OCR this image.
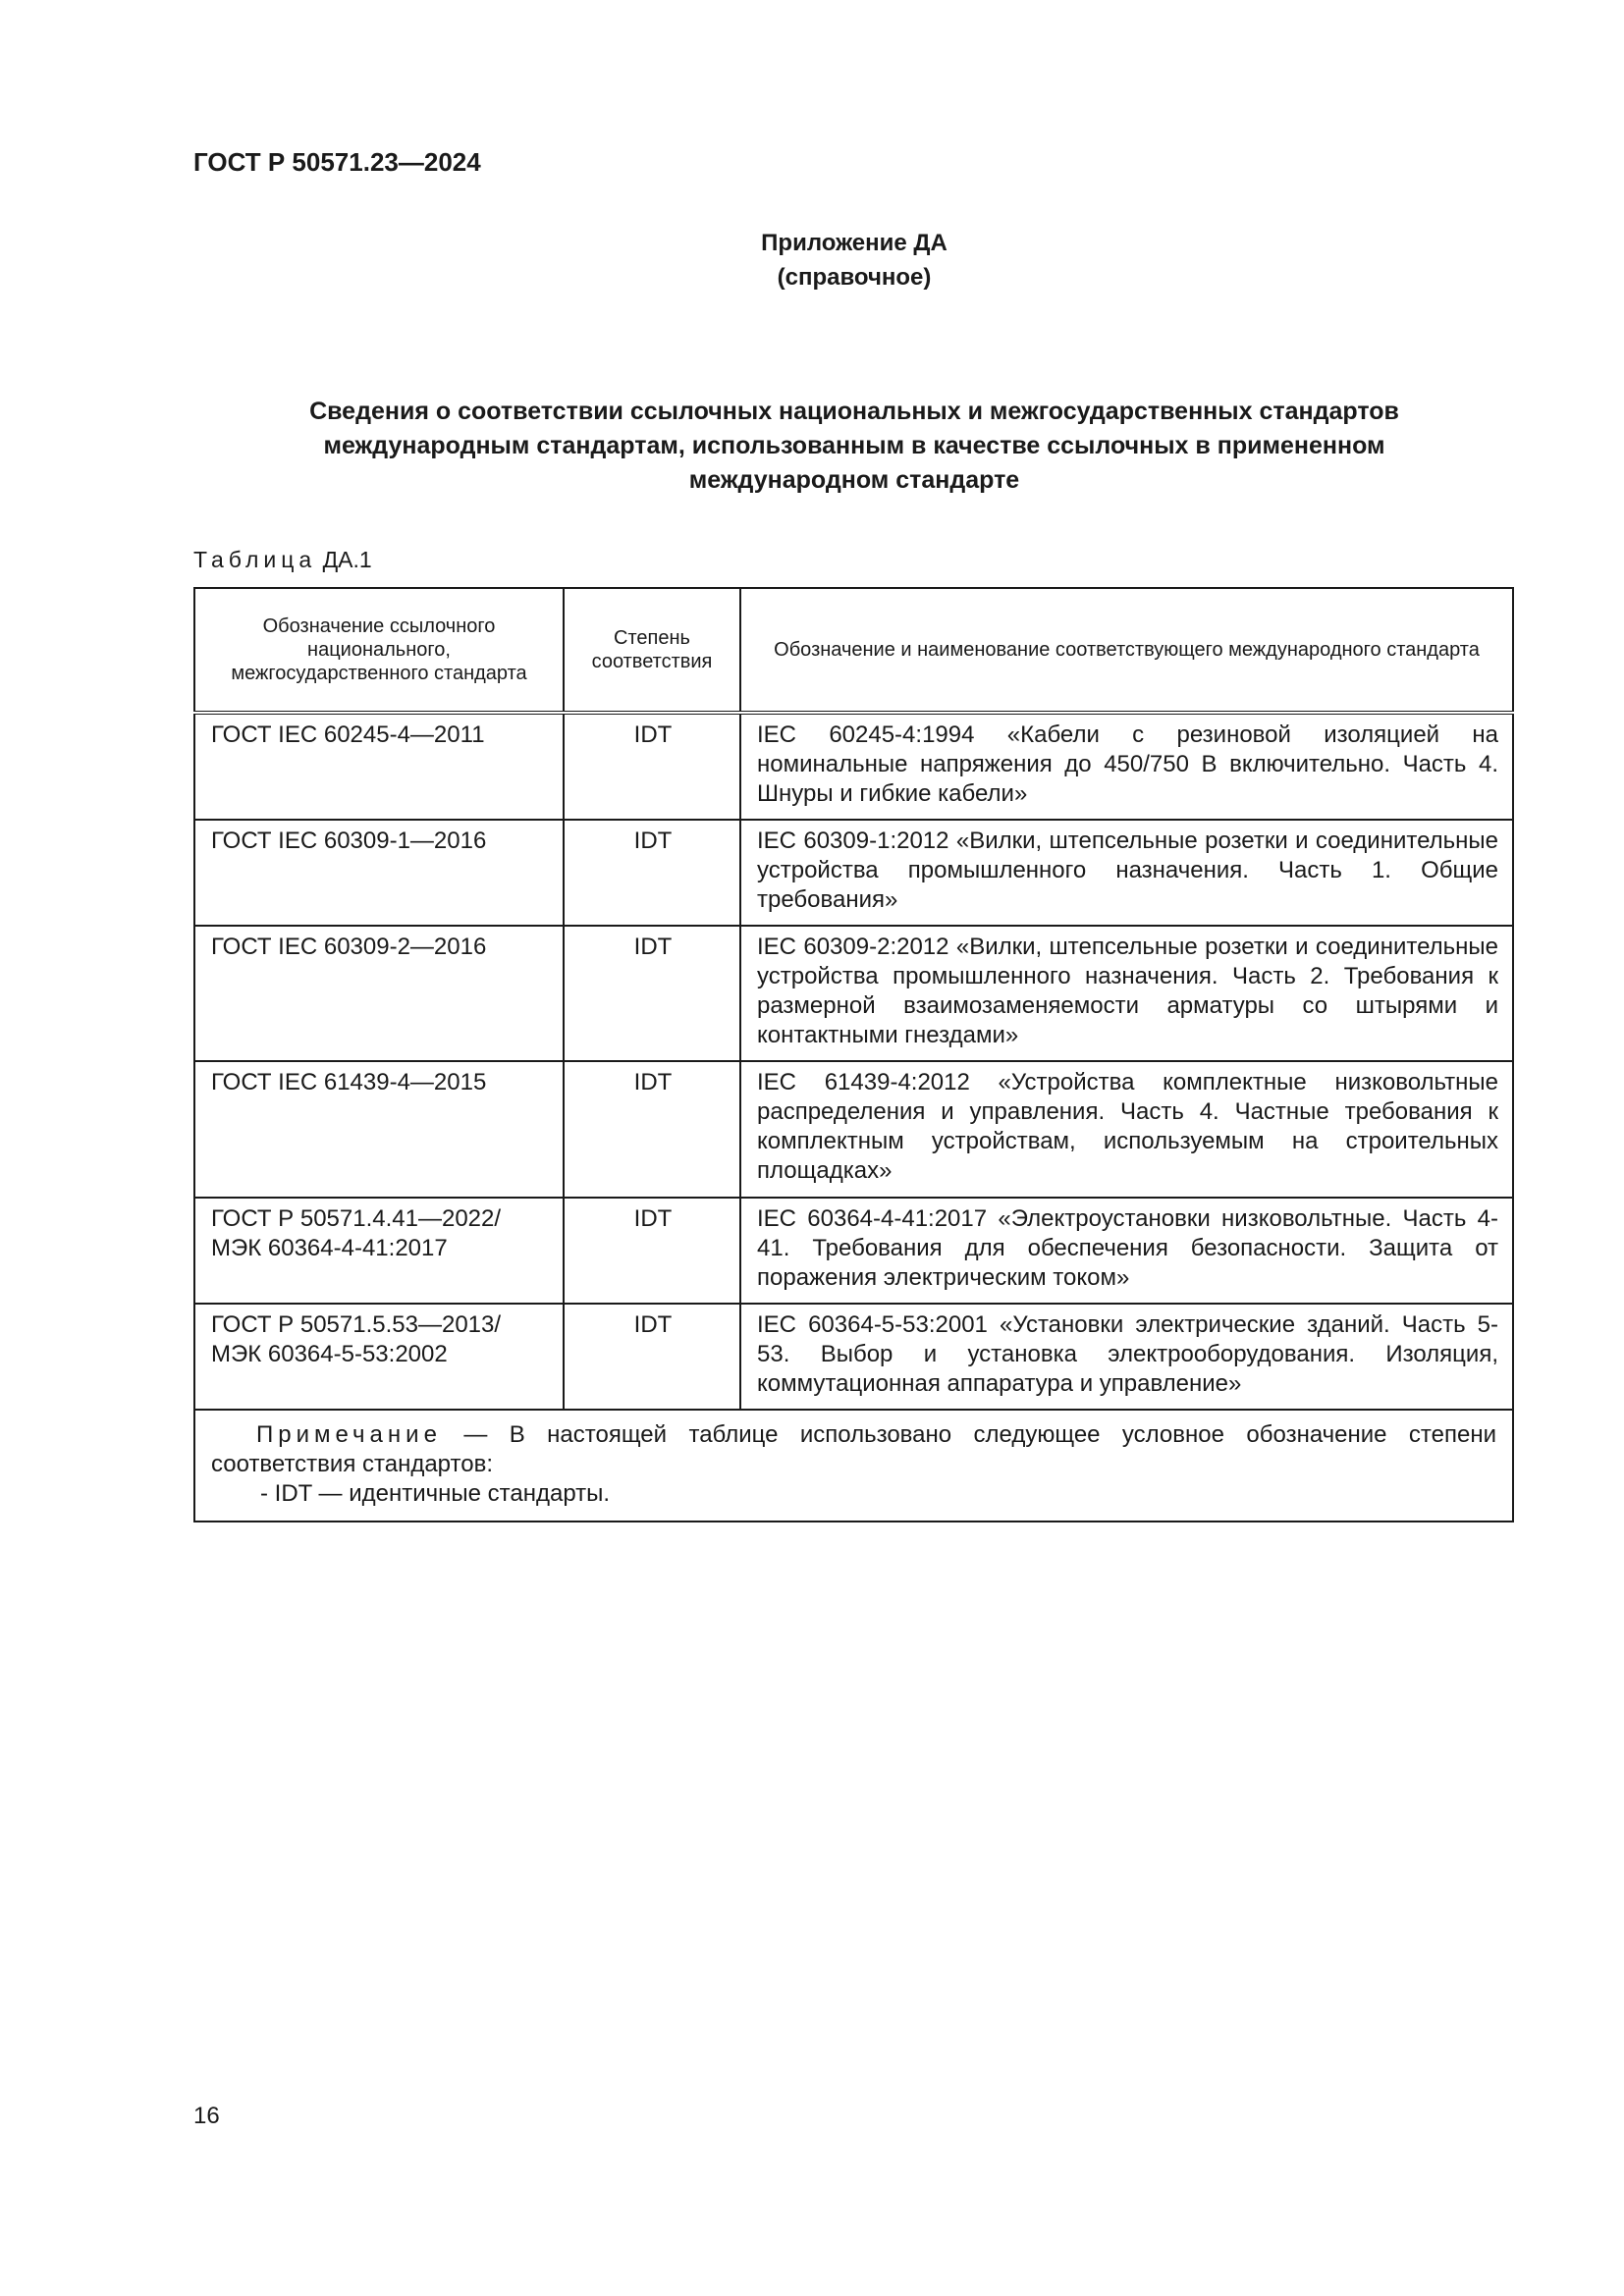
ГОСТ Р 50571.23—2024

Приложение ДА
(справочное)
Сведения о соответствии ссылочных национальных и межгосударственных стандартов
международным стандартам, использованным в качестве ссылочных в примененном
международном стандарте

Таблица ДА.1

Обозначение ссылочного национального, межгосударственного стандарта	Степень соответствия	Обозначение и наименование соответствующего международного стандарта
ГОСТ IEC 60245-4—2011	IDT	IEC 60245-4:1994 «Кабели с резиновой изоляцией на номинальные напряжения до 450/750 В включительно. Часть 4. Шнуры и гибкие кабели»
ГОСТ IEC 60309-1—2016	IDT	IEC 60309-1:2012 «Вилки, штепсельные розетки и соединительные устройства промышленного назначения. Часть 1. Общие требования»
ГОСТ IEC 60309-2—2016	IDT	IEC 60309-2:2012 «Вилки, штепсельные розетки и соединительные устройства промышленного назначения. Часть 2. Требования к размерной взаимозаменяемости арматуры со штырями и контактными гнездами»
ГОСТ IEC 61439-4—2015	IDT	IEC 61439-4:2012 «Устройства комплектные низковольтные распределения и управления. Часть 4. Частные требования к комплектным устройствам, используемым на строительных площадках»
ГОСТ Р 50571.4.41—2022/
МЭК 60364-4-41:2017	IDT	IEC 60364-4-41:2017 «Электроустановки низковольтные. Часть 4-41. Требования для обеспечения безопасности. Защита от поражения электрическим током»
ГОСТ Р 50571.5.53—2013/
МЭК 60364-5-53:2002	IDT	IEC 60364-5-53:2001 «Установки электрические зданий. Часть 5-53. Выбор и установка электрооборудования. Изоляция, коммутационная аппаратура и управление»
Примечание — В настоящей таблице использовано следующее условное обозначение степени соответствия стандартов:
- IDT — идентичные стандарты.		

16
